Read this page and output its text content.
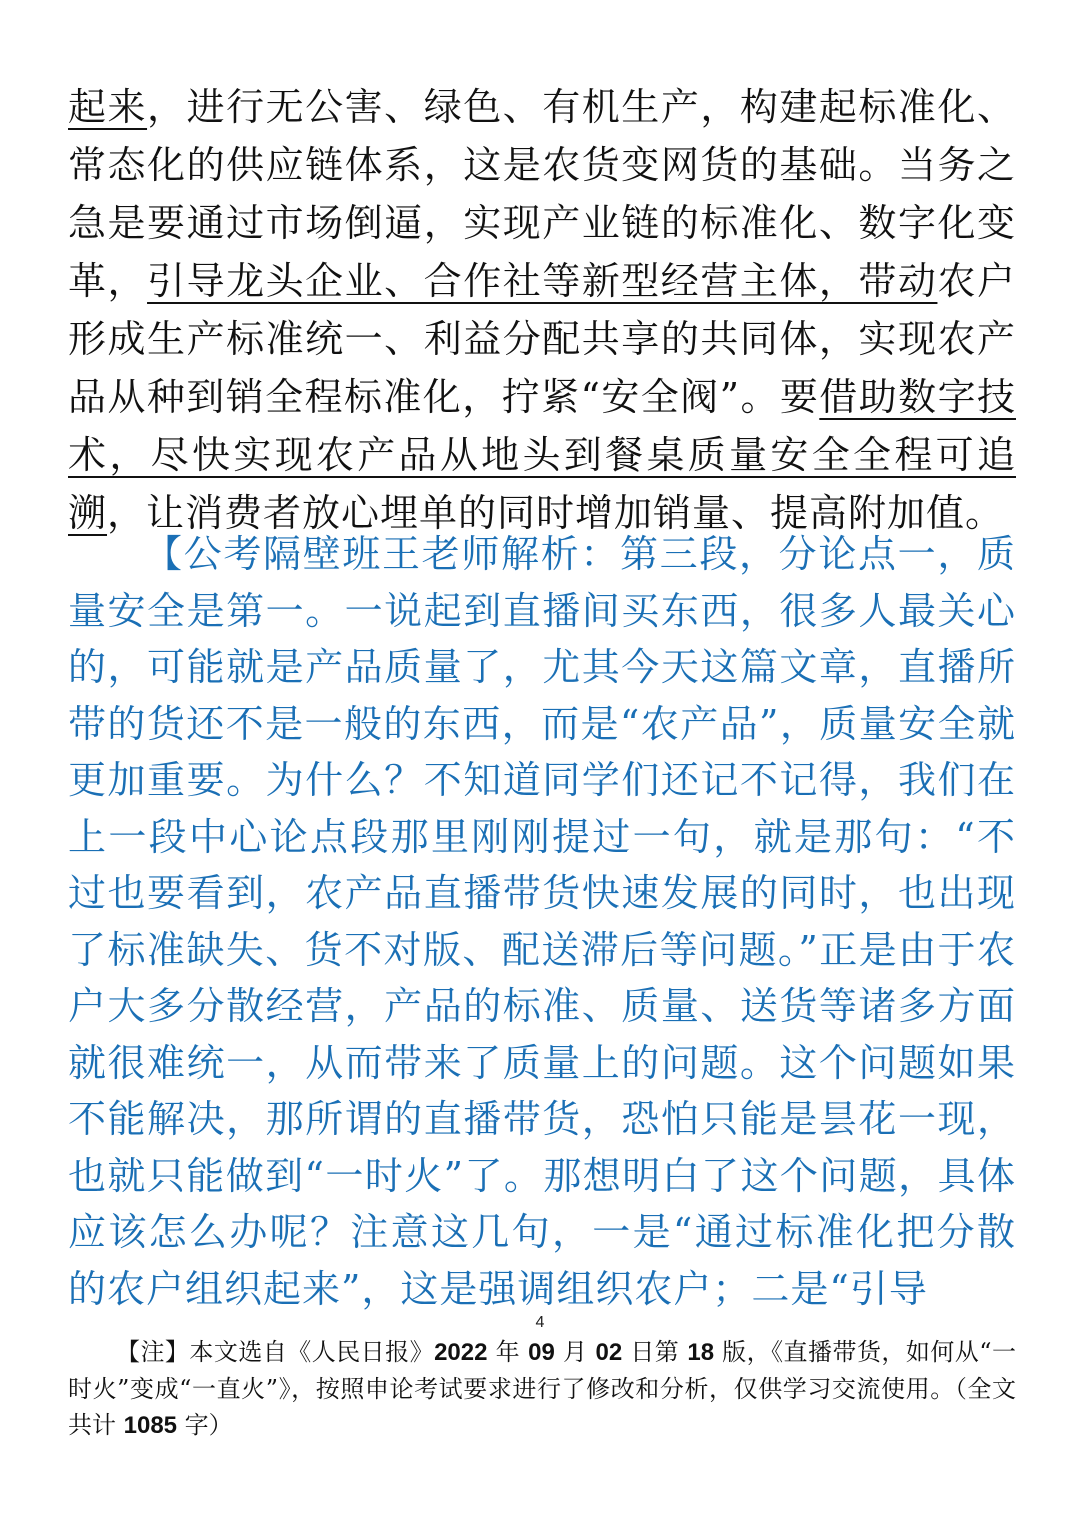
起来，进行无公害、绿色、有机生产，构建起标准化、常态化的供应链体系，这是农货变网货的基础。当务之急是要通过市场倒逼，实现产业链的标准化、数字化变革，引导龙头企业、合作社等新型经营主体，带动农户形成生产标准统一、利益分配共享的共同体，实现农产品从种到销全程标准化，拧紧“安全阀”。要借助数字技术，尽快实现农产品从地头到餐桌质量安全全程可追溯，让消费者放心埋单的同时增加销量、提高附加值。
【公考隔壁班王老师解析：第三段，分论点一，质量安全是第一。一说起到直播间买东西，很多人最关心的，可能就是产品质量了，尤其今天这篇文章，直播所带的货还不是一般的东西，而是“农产品”，质量安全就更加重要。为什么？不知道同学们还记不记得，我们在上一段中心论点段那里刚刚提过一句，就是那句：“不过也要看到，农产品直播带货快速发展的同时，也出现了标准缺失、货不对版、配送滞后等问题。”正是由于农户大多分散经营，产品的标准、质量、送货等诸多方面就很难统一，从而带来了质量上的问题。这个问题如果不能解决，那所谓的直播带货，恐怕只能是昙花一现，也就只能做到“一时火”了。那想明白了这个问题，具体应该怎么办呢？注意这几句，一是“通过标准化把分散的农户组织起来”，这是强调组织农户；二是“引导
4
【注】本文选自《人民日报》2022 年 09 月 02 日第 18 版，《直播带货，如何从“一时火”变成“一直火”》，按照申论考试要求进行了修改和分析，仅供学习交流使用。（全文共计 1085 字）
